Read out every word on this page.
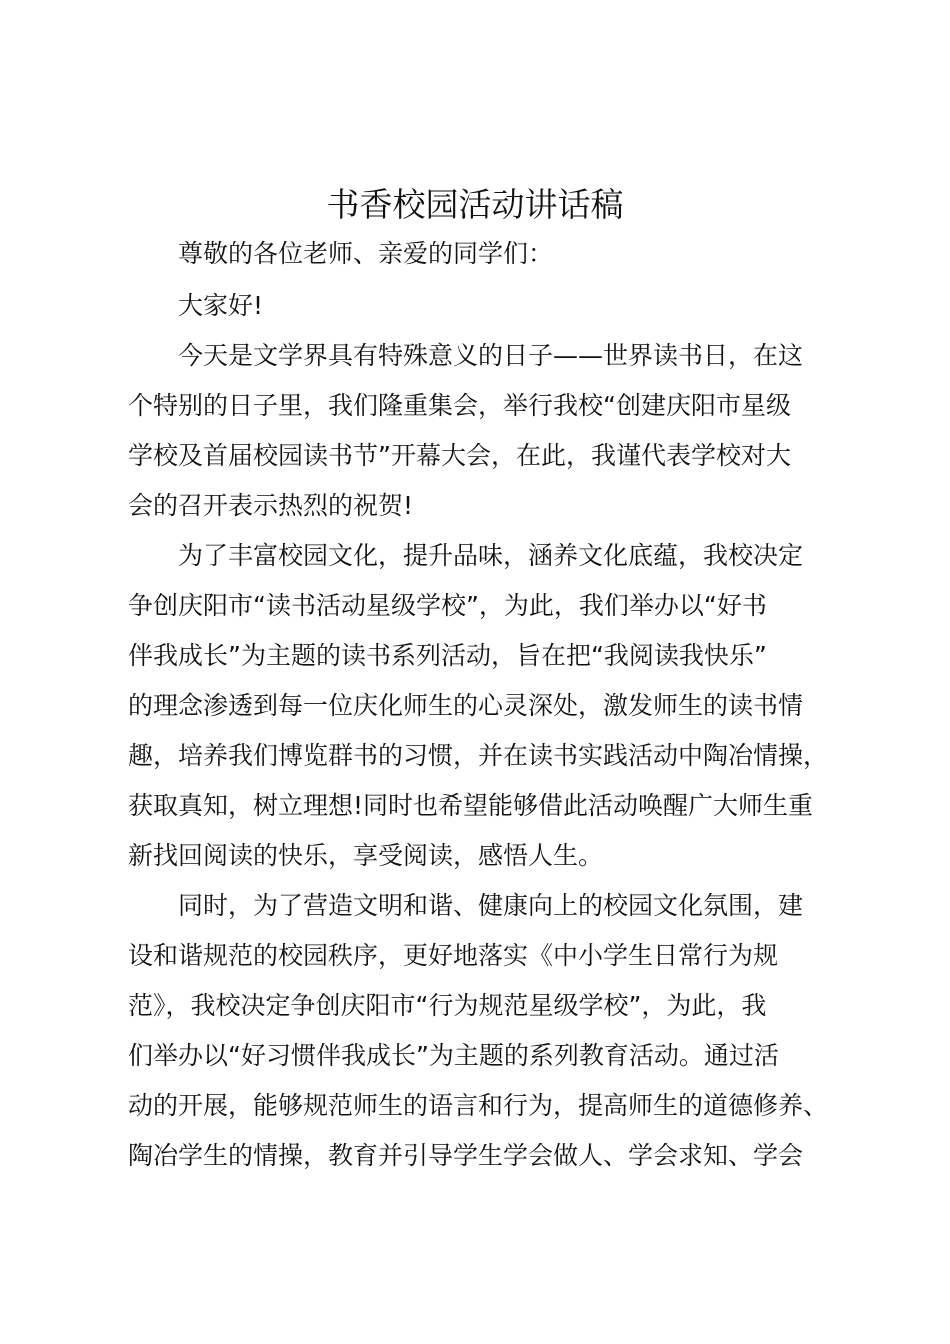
书香校园活动讲话稿
尊敬的各位老师、亲爱的同学们：
大家好!
今天是文学界具有特殊意义的日子——世界读书日，在这
个特别的日子里，我们隆重集会，举行我校“创建庆阳市星级
学校及首届校园读书节”开幕大会，在此，我谨代表学校对大
会的召开表示热烈的祝贺!
为了丰富校园文化，提升品味，涵养文化底蕴，我校决定
争创庆阳市“读书活动星级学校”，为此，我们举办以“好书
伴我成长”为主题的读书系列活动，旨在把“我阅读我快乐”
的理念渗透到每一位庆化师生的心灵深处，激发师生的读书情
趣，培养我们博览群书的习惯，并在读书实践活动中陶冶情操，
获取真知，树立理想!同时也希望能够借此活动唤醒广大师生重
新找回阅读的快乐，享受阅读，感悟人生。
同时，为了营造文明和谐、健康向上的校园文化氛围，建
设和谐规范的校园秩序，更好地落实《中小学生日常行为规
范》，我校决定争创庆阳市“行为规范星级学校”，为此，我
们举办以“好习惯伴我成长”为主题的系列教育活动。通过活
动的开展，能够规范师生的语言和行为，提高师生的道德修养、
陶冶学生的情操，教育并引导学生学会做人、学会求知、学会
